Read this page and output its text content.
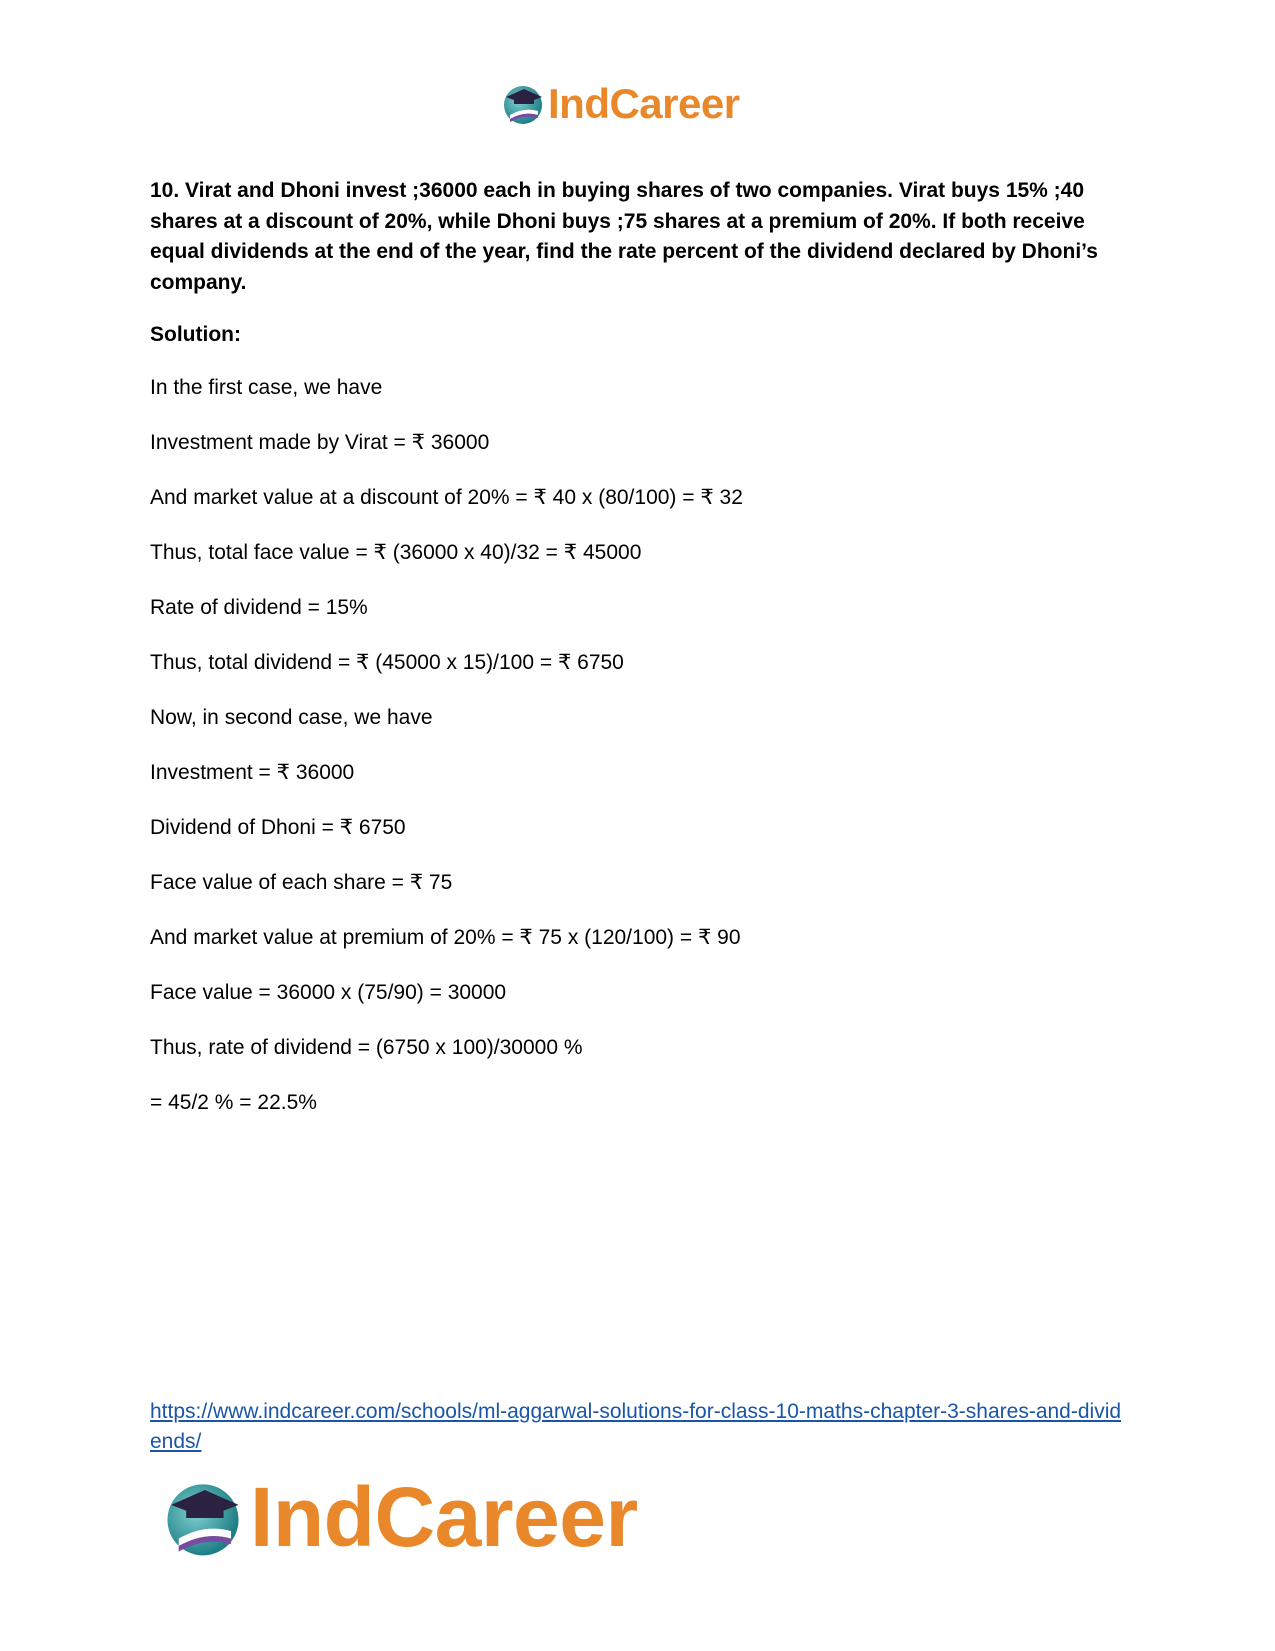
IndCareer

10. Virat and Dhoni invest ;36000 each in buying shares of two companies. Virat buys 15% ;40 shares at a discount of 20%, while Dhoni buys ;75 shares at a premium of 20%. If both receive equal dividends at the end of the year, find the rate percent of the dividend declared by Dhoni’s company.

Solution:

In the first case, we have

Investment made by Virat = ₹ 36000

And market value at a discount of 20% = ₹ 40 x (80/100) = ₹ 32

Thus, total face value = ₹ (36000 x 40)/32 = ₹ 45000

Rate of dividend = 15%

Thus, total dividend = ₹ (45000 x 15)/100 = ₹ 6750

Now, in second case, we have

Investment = ₹ 36000

Dividend of Dhoni = ₹ 6750

Face value of each share = ₹ 75

And market value at premium of 20% = ₹ 75 x (120/100) = ₹ 90

Face value = 36000 x (75/90) = 30000

Thus, rate of dividend = (6750 x 100)/30000 %

= 45/2 % = 22.5%

https://www.indcareer.com/schools/ml-aggarwal-solutions-for-class-10-maths-chapter-3-shares-and-dividends/
IndCareer
